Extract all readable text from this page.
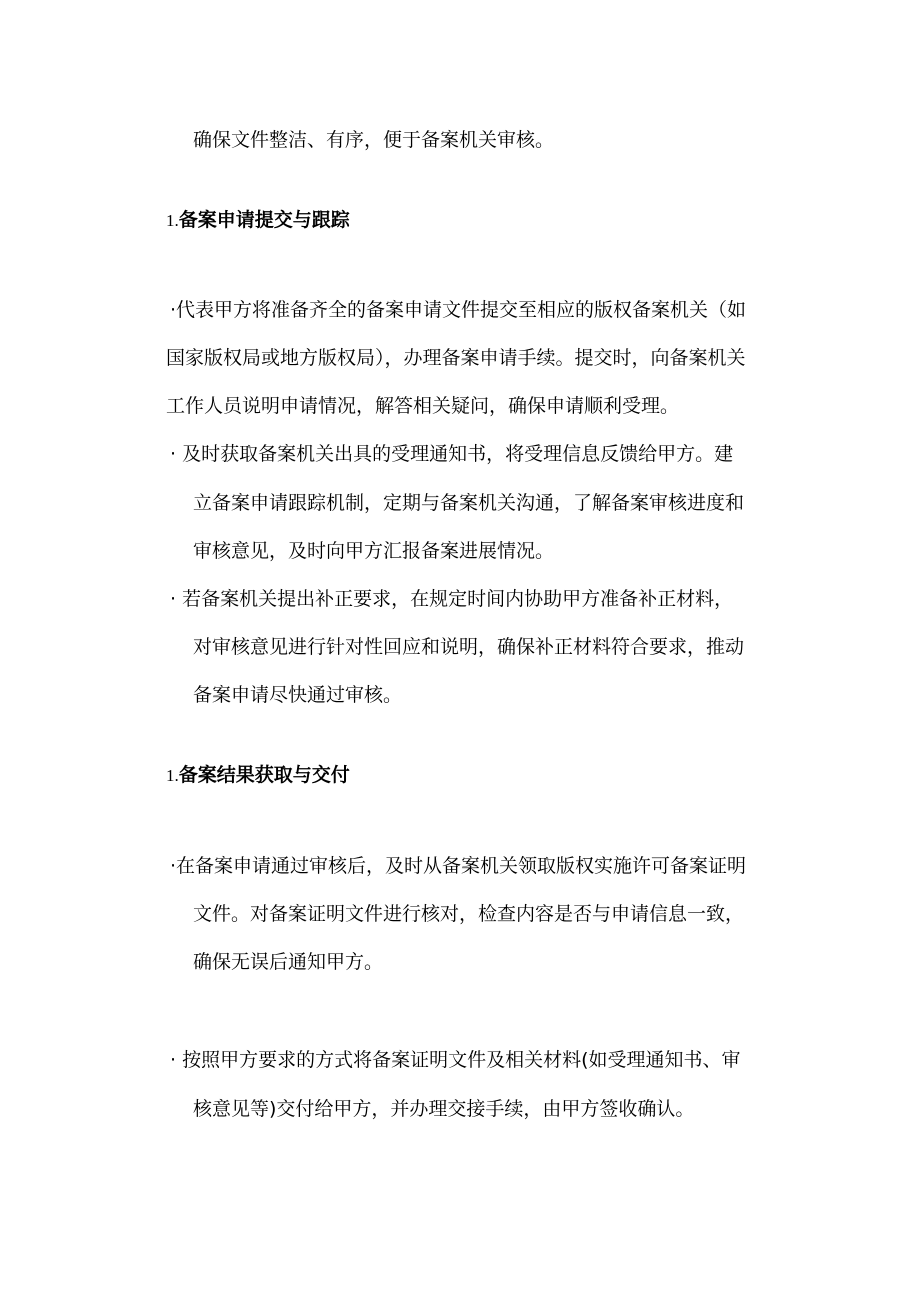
确保文件整洁、有序，便于备案机关审核。
1.备案申请提交与跟踪
·代表甲方将准备齐全的备案申请文件提交至相应的版权备案机关（如
国家版权局或地方版权局），办理备案申请手续。提交时，向备案机关
工作人员说明申请情况，解答相关疑问，确保申请顺利受理。
· 及时获取备案机关出具的受理通知书，将受理信息反馈给甲方。建
立备案申请跟踪机制，定期与备案机关沟通，了解备案审核进度和
审核意见，及时向甲方汇报备案进展情况。
· 若备案机关提出补正要求，在规定时间内协助甲方准备补正材料，
对审核意见进行针对性回应和说明，确保补正材料符合要求，推动
备案申请尽快通过审核。
1.备案结果获取与交付
·在备案申请通过审核后，及时从备案机关领取版权实施许可备案证明
文件。对备案证明文件进行核对，检查内容是否与申请信息一致，
确保无误后通知甲方。
· 按照甲方要求的方式将备案证明文件及相关材料(如受理通知书、审
核意见等)交付给甲方，并办理交接手续，由甲方签收确认。
